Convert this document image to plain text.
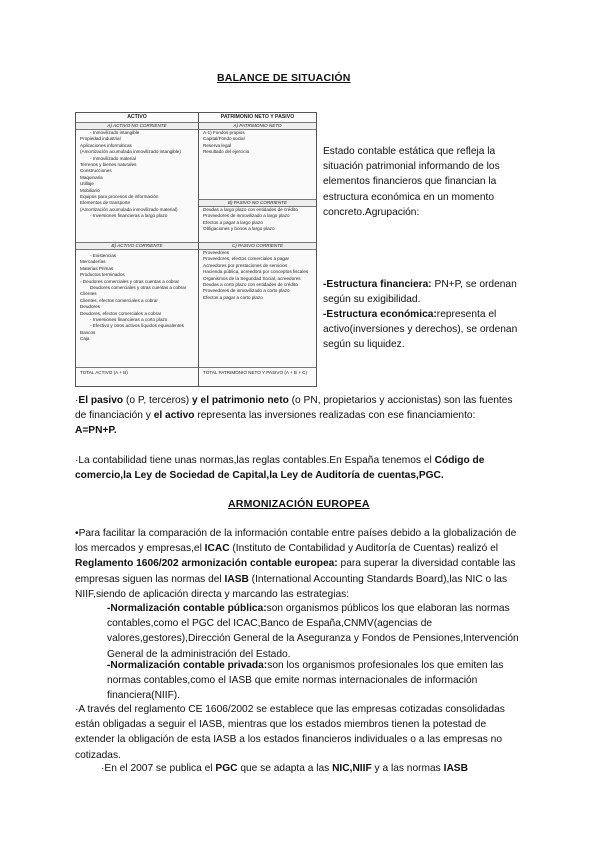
BALANCE DE SITUACIÓN
ACTIVO	PATRIMONIO NETO Y PASIVO
A) ACTIVO NO CORRIENTE
- Inmovilizado intangible
Propiedad industrial
Aplicaciones informáticas
(Amortización acumulada inmovilizado intangible)
- Inmovilizado material
Terrenos y bienes naturales
Construcciones
Maquinaria
Utillaje
Mobiliario
Equipos para procesos de información
Elementos de transporte
(Amortización acumulada inmovilizado material)
- Inversiones financieras a largo plazo
B) ACTIVO CORRIENTE
- Existencias
Mercaderías
Materias Primas
Productos terminados
- Deudores comerciales y otras cuentas a cobrar
Deudores comerciales y otras cuentas a cobrar
Clientes
Clientes, efectos comerciales a cobrar
Deudores
Deudores, efectos comerciales a cobrar
- Inversiones financieras a corto plazo
- Efectivo y otros activos líquidos equivalentes
Bancos
Caja
TOTAL ACTIVO (A + B)
A) PATRIMONIO NETO
A-1) Fondos propios
Capital/Fondo social
Reserva legal
Resultado del ejercicio
B) PASIVO NO CORRIENTE
Deudas a largo plazo con entidades de crédito
Proveedores de inmovilizado a largo plazo
Efectos a pagar a largo plazo
Obligaciones y bonos a largo plazo
C) PASIVO CORRIENTE
Proveedores
Proveedores, efectos comerciales a pagar
Acreedores por prestaciones de servicios
Hacienda pública, acreedora por conceptos fiscales
Organismos de la Seguridad Social, acreedores
Deudas a corto plazo con entidades de crédito
Proveedores de inmovilizado a corto plazo
Efectos a pagar a corto plazo
TOTAL PATRIMONIO NETO Y PASIVO (A + B + C)
Estado contable estática que refleja la situación patrimonial informando de los elementos financieros que financian la estructura económica en un momento concreto.Agrupación:
-Estructura financiera: PN+P, se ordenan según su exigibilidad.
-Estructura económica:representa el activo(inversiones y derechos), se ordenan según su liquidez.
·El pasivo (o P, terceros) y el patrimonio neto (o PN, propietarios y accionistas) son las fuentes de financiación y el activo representa las inversiones realizadas con ese financiamiento: A=PN+P.
·La contabilidad tiene unas normas,las reglas contables.En España tenemos el Código de comercio,la Ley de Sociedad de Capital,la Ley de Auditoría de cuentas,PGC.
ARMONIZACIÓN EUROPEA
•Para facilitar la comparación de la información contable entre países debido a la globalización de los mercados y empresas,el ICAC (Instituto de Contabilidad y Auditoría de Cuentas) realizó el Reglamento 1606/202 armonización contable europea: para superar la diversidad contable las empresas siguen las normas del IASB (International Accounting Standards Board),las NIC o las NIIF,siendo de aplicación directa y marcando las estrategias:
-Normalización contable pública:son organismos públicos los que elaboran las normas contables,como el PGC del ICAC,Banco de España,CNMV(agencias de valores,gestores),Dirección General de la Aseguranza y Fondos de Pensiones,Intervención General de la administración del Estado.
-Normalización contable privada:son los organismos profesionales los que emiten las normas contables,como el IASB que emite normas internacionales de información financiera(NIIF).
·A través del reglamento CE 1606/2002 se establece que las empresas cotizadas consolidadas están obligadas a seguir el IASB, mientras que los estados miembros tienen la potestad de extender la obligación de esta IASB a los estados financieros individuales o a las empresas no cotizadas.
·En el 2007 se publica el PGC que se adapta a las NIC,NIIF y a las normas IASB
